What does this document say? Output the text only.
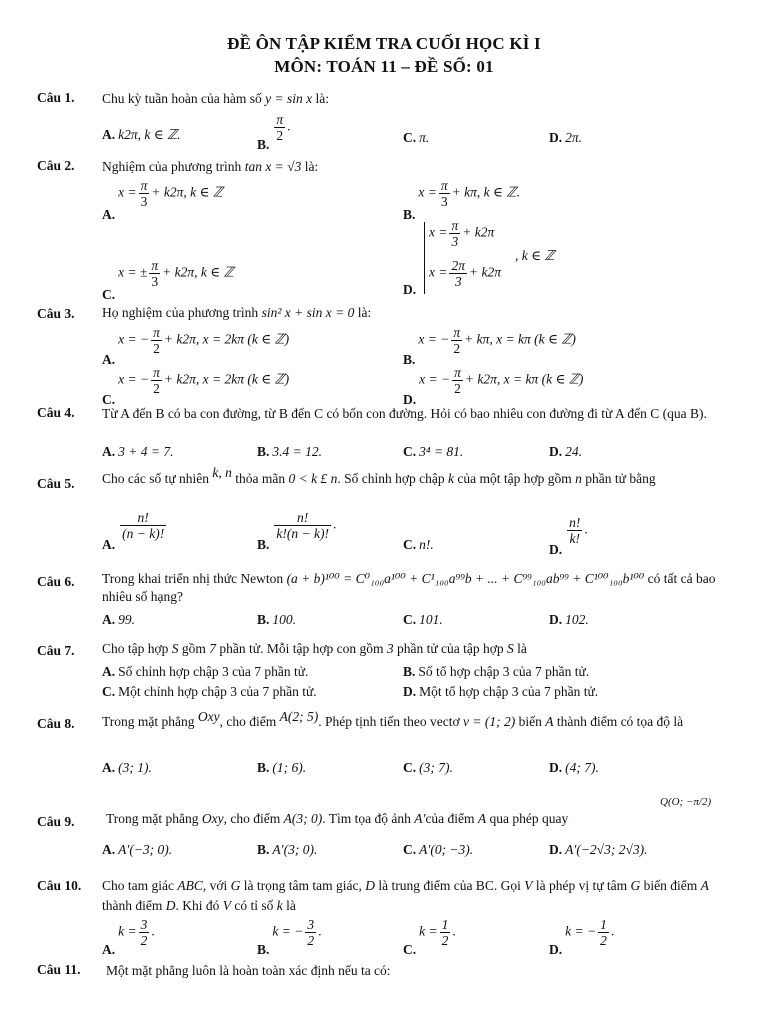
ĐỀ ÔN TẬP KIỂM TRA CUỐI HỌC KÌ I
MÔN: TOÁN 11 – ĐỀ SỐ: 01
Câu 1. Chu kỳ tuần hoàn của hàm số y = sin x là:
A. k2π, k ∈ ℤ.
B.
$\frac{\pi}{2}$ .
C. π.	D. 2π.
Câu 2. Nghiệm của phương trình tan x = √3 là:
$A.x = \frac{\pi}{3} + k2\pi$, k ∈ ℤ
$B.x = \frac{\pi}{3} + k\pi$, k ∈ ℤ.
C.x = ± $\frac{\pi}{3} + k2\pi$, k ∈ ℤ
D.
$x = \frac{\pi}{3} + k2\pi$
$x = \frac{2\pi}{3} + k2\pi$
, k ∈ ℤ
Câu 3. Họ nghiệm của phương trình sin² x + sin x = 0 là:
A.x = − $\frac{\pi}{2} + k2\pi$, x = 2kπ (k ∈ ℤ)
B.x = − $\frac{\pi}{2} + k\pi$, x = kπ (k ∈ ℤ)
C.x = − $\frac{\pi}{2} + k2\pi$, x = 2kπ (k ∈ ℤ)
D.x = − $\frac{\pi}{2} + k2\pi$, x = kπ (k ∈ ℤ)
Câu 4. Từ A đến B có ba con đường, từ B đến C có bốn con đường. Hỏi có bao nhiêu con đường đi từ A đến C (qua B).
A. 3 + 4 = 7.	B. 3.4 = 12.	C. 3⁴ = 81.	D. 24.
Câu 5. Cho các số tự nhiên k, n thỏa mãn 0 < k £ n. Số chỉnh hợp chập k của một tập hợp gồm n phần tử bằng
A.
$\frac{n!}{(n - k)!}$
B.
$\frac{n!}{k!(n - k)!}$ .
C. n!.	D.
$\frac{n!}{k!}$ .
Câu 6. Trong khai triển nhị thức Newton (a + b)¹⁰⁰ = C⁰₁₀₀a¹⁰⁰ + C¹₁₀₀a⁹⁹b + ... + C⁹⁹₁₀₀ab⁹⁹ + C¹⁰⁰₁₀₀b¹⁰⁰ có tất cả bao nhiêu số hạng?
A. 99.	B. 100.	C. 101.	D. 102.
Câu 7. Cho tập hợp S gồm 7 phần tử. Mỗi tập hợp con gồm 3 phần tử của tập hợp S là
A. Số chỉnh hợp chập 3 của 7 phần tử.	B. Số tổ hợp chập 3 của 7 phần tử.
C. Một chỉnh hợp chập 3 của 7 phần tử.	D. Một tổ hợp chập 3 của 7 phần tử.
Câu 8. Trong mặt phẳng Oxy, cho điểm A(2; 5). Phép tịnh tiến theo vectơ v = (1; 2) biến A thành điểm có tọa độ là
A. (3; 1).	B. (1; 6).	C. (3; 7).	D. (4; 7).
Câu 9. Trong mặt phẳng Oxy, cho điểm A(3; 0). Tìm tọa độ ảnh A′của điểm A qua phép quay
Q(O; −π/2)
A. A′(−3; 0).	B. A′(3; 0).	C. A′(0; −3).	D. A′(−2√3; 2√3).
Câu 10. Cho tam giác ABC, với G là trọng tâm tam giác, D là trung điểm của BC. Gọi V là phép vị tự tâm G biến điểm A thành điểm D. Khi đó V có tỉ số k là
$A.k = \frac{3}{2}$ .
B.k = − $\frac{3}{2}$ .
$C.k = \frac{1}{2}$ .
D.k = − $\frac{1}{2}$ .
Câu 11. Một mặt phẳng luôn là hoàn toàn xác định nếu ta có:
